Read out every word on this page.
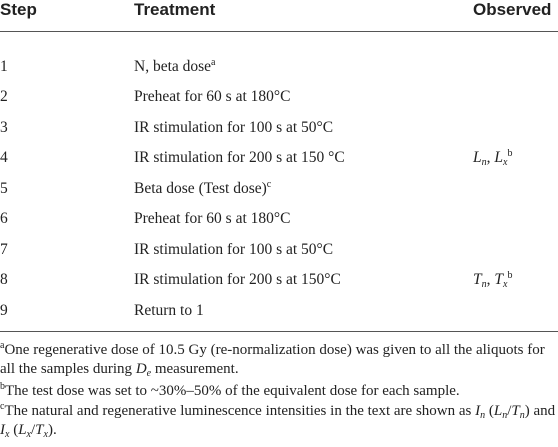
Step	Treatment	Observed
1	N, beta dose$^a$
2	Preheat for 60 s at 180°C
3	IR stimulation for 100 s at 50°C
4	IR stimulation for 200 s at 150 °C	$L_n$, $L_x^b$
5	Beta dose (Test dose)$^c$
6	Preheat for 60 s at 180°C
7	IR stimulation for 100 s at 50°C
8	IR stimulation for 200 s at 150°C	$T_n$, $T_x^b$
9	Return to 1
$^a$One regenerative dose of 10.5 Gy (re-normalization dose) was given to all the aliquots for all the samples during $D_e$ measurement.
$^b$The test dose was set to ~30%–50% of the equivalent dose for each sample.
$^c$The natural and regenerative luminescence intensities in the text are shown as $I_n$ $(L_n/T_n)$ and $I_x$ $(L_x/T_x)$.
